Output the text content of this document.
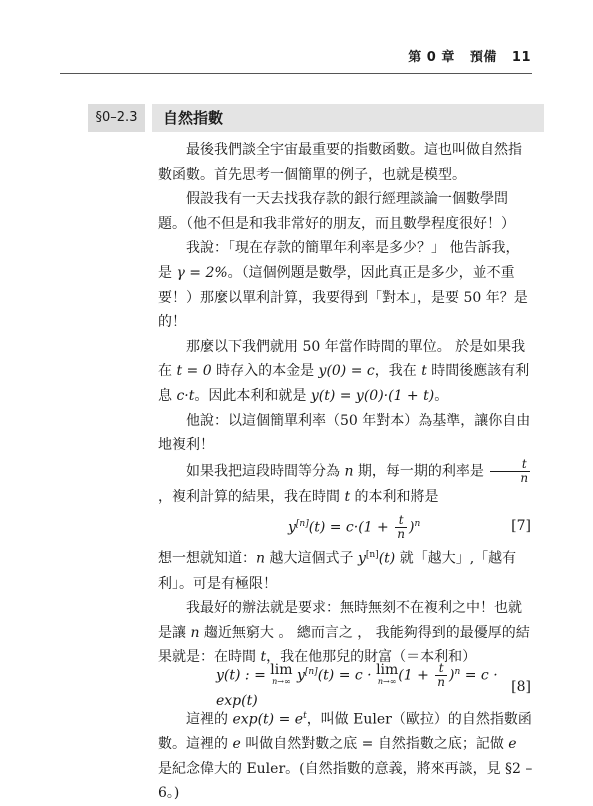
第 0 章 預備 11
§0–2.3	自然指數

最後我們談全宇宙最重要的指數函數。這也叫做自然指數函數。首先思考一個簡單的例子，也就是模型。

假設我有一天去找我存款的銀行經理談論一個數學問題。（他不但是和我非常好的朋友，而且數學程度很好！）

我說：「現在存款的簡單年利率是多少？」 他告訴我，是 γ = 2%。（這個例題是數學，因此真正是多少，並不重要！）那麼以單利計算，我要得到「對本」，是要 50 年？是的！

那麼以下我們就用 50 年當作時間的單位。 於是如果我在 t = 0 時存入的本金是 y(0) = c，我在 t 時間後應該有利息 c·t。因此本利和就是 y(t) = y(0)·(1 + t)。

他說：以這個簡單利率（50 年對本）為基準，讓你自由地複利！

如果我把這段時間等分為 n 期，每一期的利率是 $\frac{t}{n}$
，複利計算的結果，我在時間 t 的本利和將是

$y[n](t) = c\cdot(1 + \frac{t}{n} )^n$	[7]

想一想就知道：n 越大這個式子 y[n](t) 就「越大」,「越有利」。可是有極限！

我最好的辦法就是要求：無時無刻不在複利之中！也就是讓 n 趨近無窮大 。 總而言之 ， 我能夠得到的最優厚的結果就是：在時間 t，我在他那兒的財富（＝本利和）

y(t) : = lim
n→∞ y[n](t) = c · lim
n→∞ $(1 + \frac{t}{n} )^n = c \cdot \exp(t)$
[8]

這裡的 $\exp(t) = e^t$，叫做 Euler（歐拉）的自然指數函數。這裡的 e 叫做自然對數之底 = 自然指數之底；記做 e 是紀念偉大的 Euler。(自然指數的意義，將來再談，見 §2 – 6。)
